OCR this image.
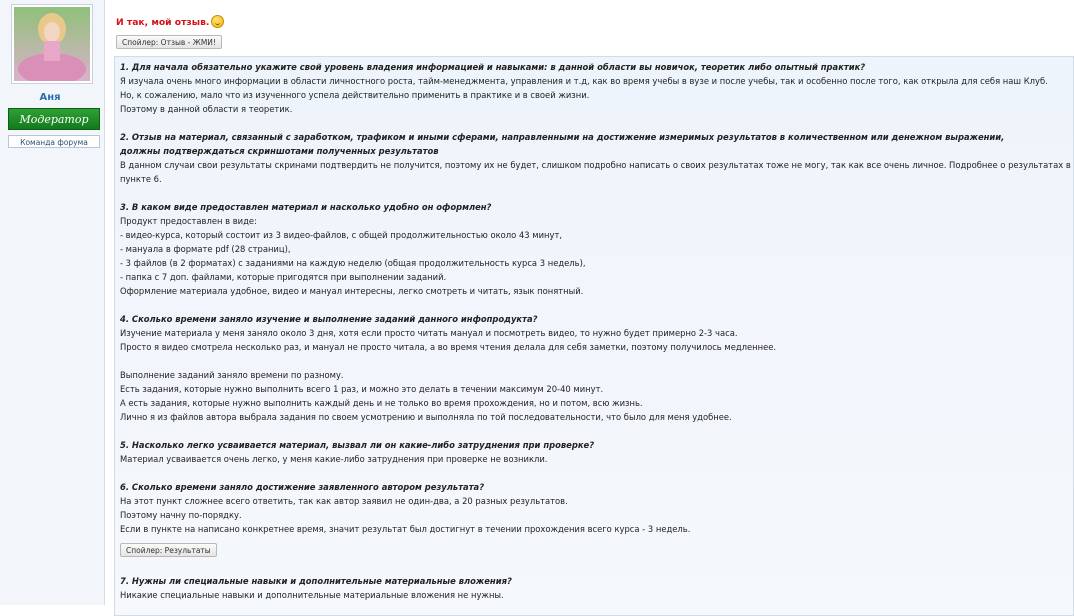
Аня
Модератор
Команда форума
И так, мой отзыв.
Спойлер: Отзыв - ЖМИ!
1. Для начала обязательно укажите свой уровень владения информацией и навыками: в данной области вы новичок, теоретик либо опытный практик?
Я изучала очень много информации в области личностного роста, тайм-менеджмента, управления и т.д, как во время учебы в вузе и после учебы, так и особенно после того, как открыла для себя наш Клуб.
Но, к сожалению, мало что из изученного успела действительно применить в практике и в своей жизни.
Поэтому в данной области я теоретик.
2. Отзыв на материал, связанный с заработком, трафиком и иными сферами, направленными на достижение измеримых результатов в количественном или денежном выражении,
должны подтверждаться скриншотами полученных результатов
В данном случаи свои результаты скринами подтвердить не получится, поэтому их не будет, слишком подробно написать о своих результатах тоже не могу, так как все очень личное. Подробнее о результатах в
пункте 6.
3. В каком виде предоставлен материал и насколько удобно он оформлен?
Продукт предоставлен в виде:
- видео-курса, который состоит из 3 видео-файлов, с общей продолжительностью около 43 минут,
- мануала в формате pdf (28 страниц),
- 3 файлов (в 2 форматах) с заданиями на каждую неделю (общая продолжительность курса 3 недель),
- папка с 7 доп. файлами, которые пригодятся при выполнении заданий.
Оформление материала удобное, видео и мануал интересны, легко смотреть и читать, язык понятный.
4. Сколько времени заняло изучение и выполнение заданий данного инфопродукта?
Изучение материала у меня заняло около 3 дня, хотя если просто читать мануал и посмотреть видео, то нужно будет примерно 2-3 часа.
Просто я видео смотрела несколько раз, и мануал не просто читала, а во время чтения делала для себя заметки, поэтому получилось медленнее.
Выполнение заданий заняло времени по разному.
Есть задания, которые нужно выполнить всего 1 раз, и можно это делать в течении максимум 20-40 минут.
А есть задания, которые нужно выполнить каждый день и не только во время прохождения, но и потом, всю жизнь.
Лично я из файлов автора выбрала задания по своем усмотрению и выполняла по той последовательности, что было для меня удобнее.
5. Насколько легко усваивается материал, вызвал ли он какие-либо затруднения при проверке?
Материал усваивается очень легко, у меня какие-либо затруднения при проверке не возникли.
6. Сколько времени заняло достижение заявленного автором результата?
На этот пункт сложнее всего ответить, так как автор заявил не один-два, а 20 разных результатов.
Поэтому начну по-порядку.
Если в пункте на написано конкретнее время, значит результат был достигнут в течении прохождения всего курса - 3 недель.
Спойлер: Результаты
7. Нужны ли специальные навыки и дополнительные материальные вложения?
Никакие специальные навыки и дополнительные материальные вложения не нужны.
